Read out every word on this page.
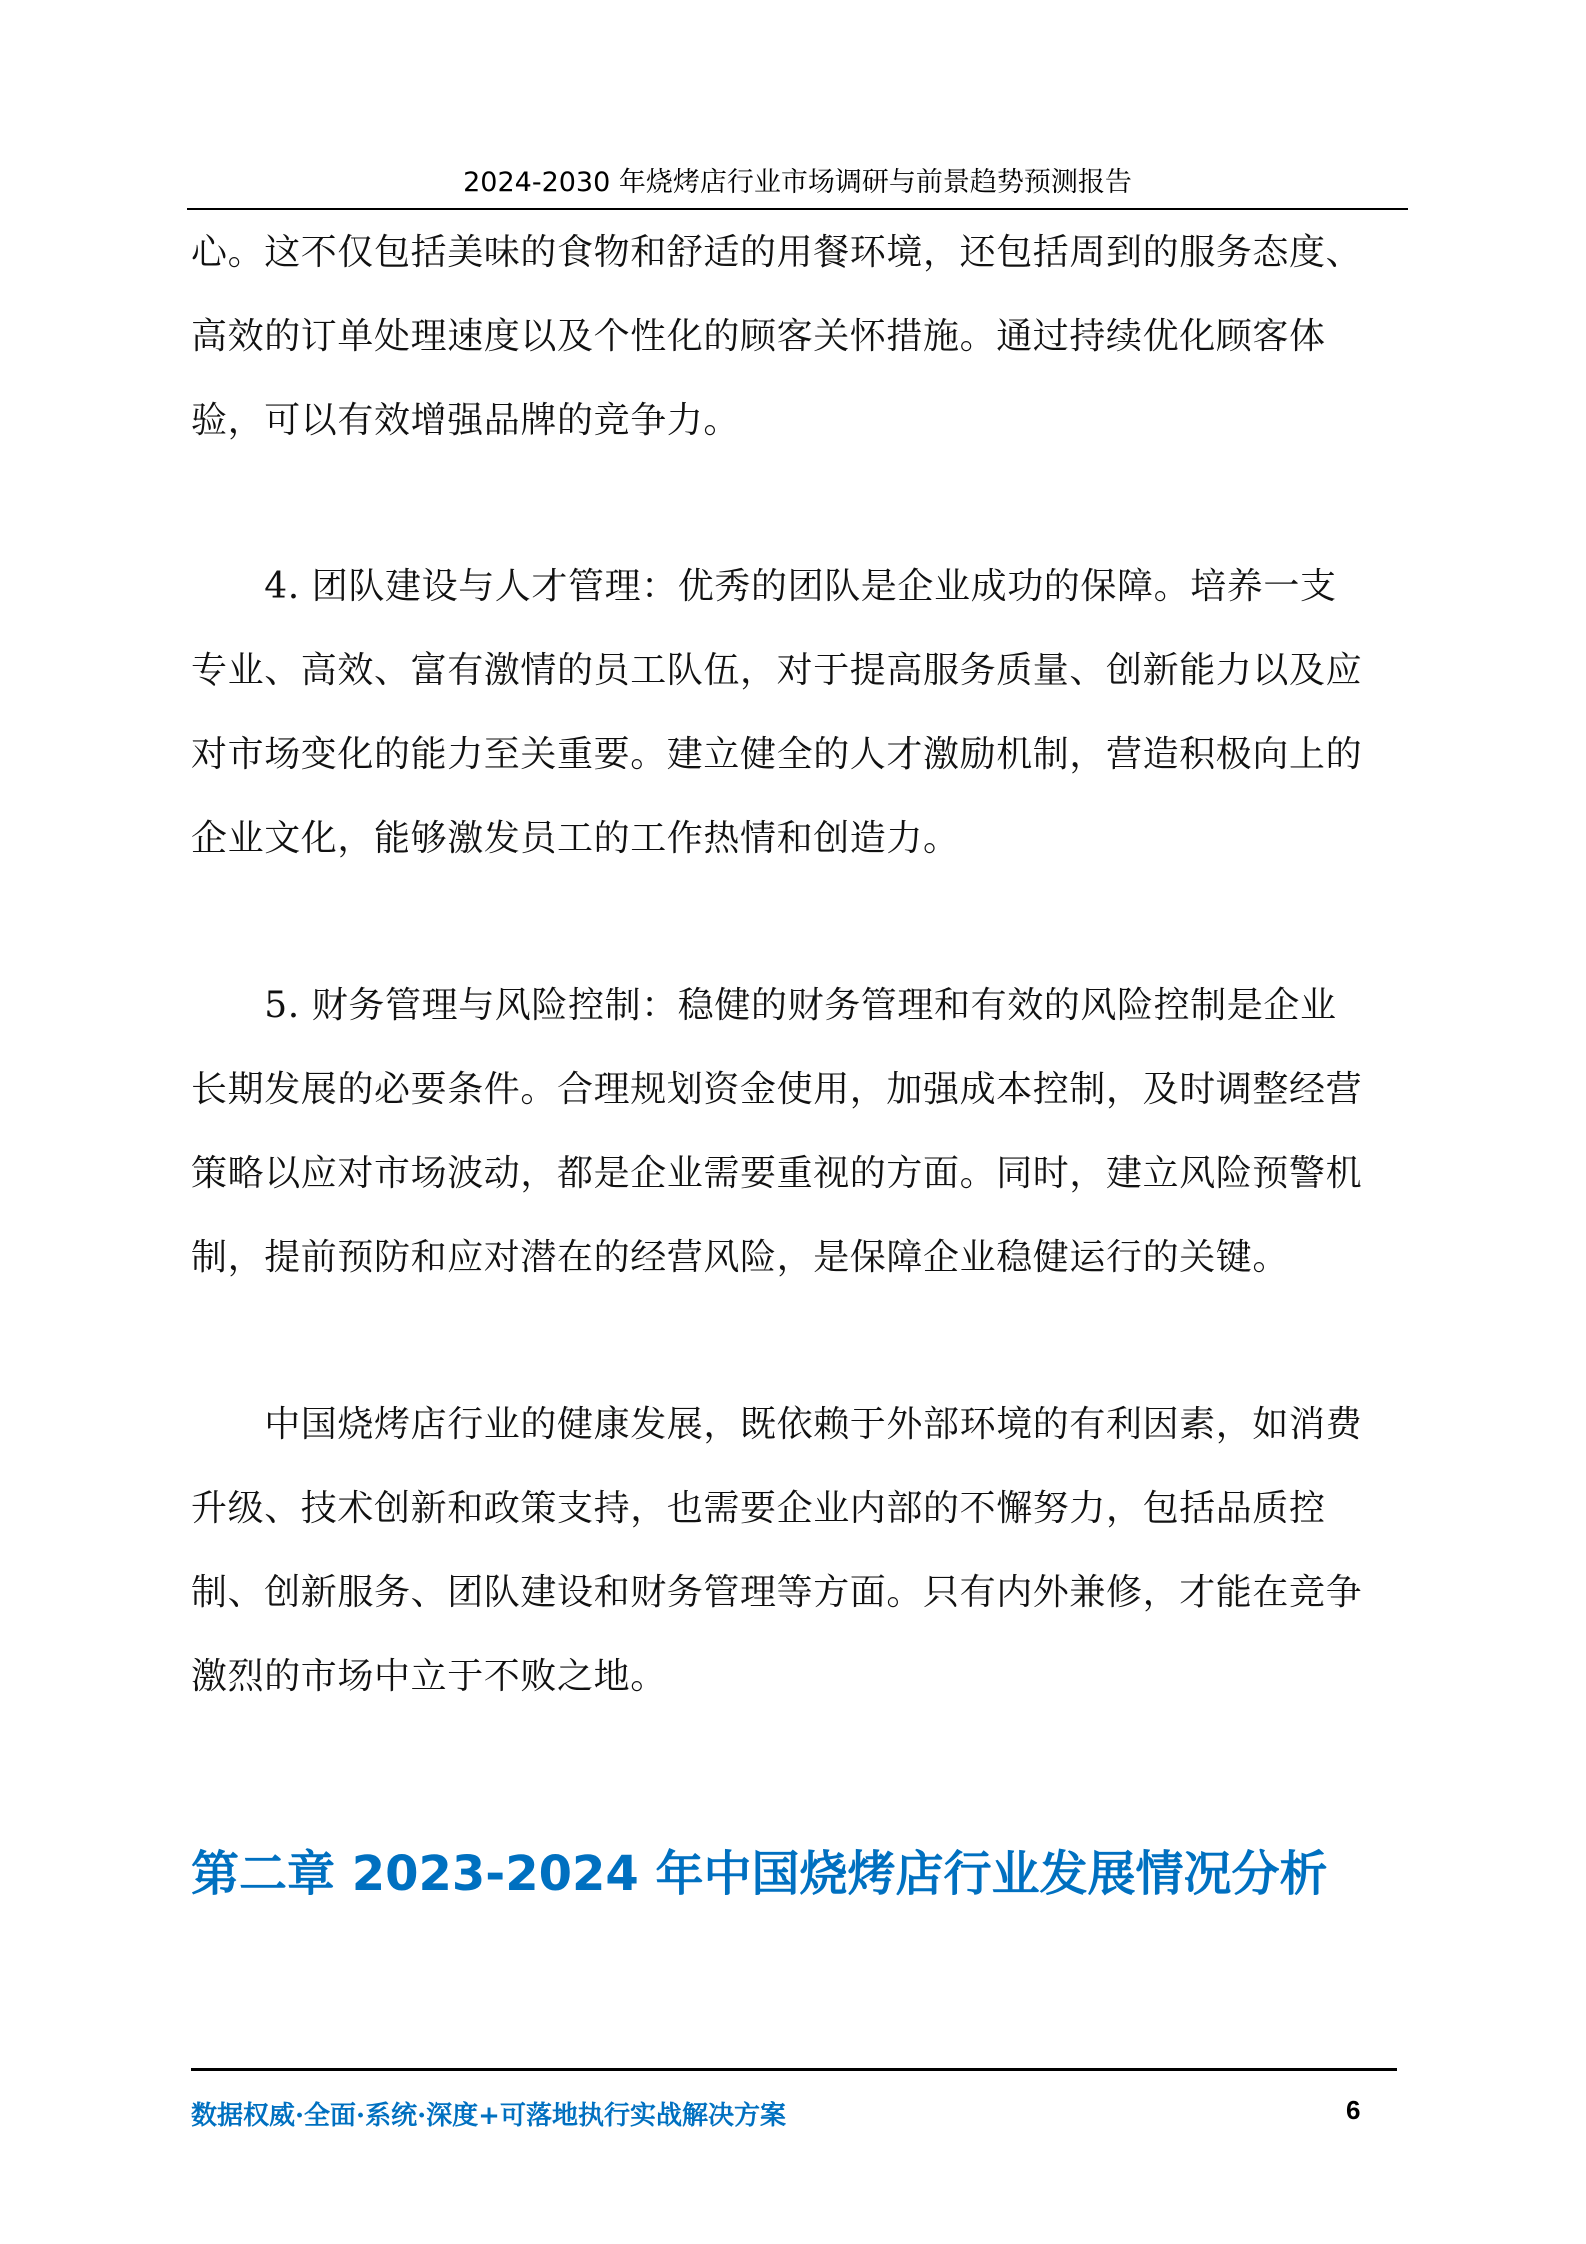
2024-2030 年烧烤店行业市场调研与前景趋势预测报告
心。这不仅包括美味的食物和舒适的用餐环境，还包括周到的服务态度、
高效的订单处理速度以及个性化的顾客关怀措施。通过持续优化顾客体
验，可以有效增强品牌的竞争力。
　　4. 团队建设与人才管理：优秀的团队是企业成功的保障。培养一支
专业、高效、富有激情的员工队伍，对于提高服务质量、创新能力以及应
对市场变化的能力至关重要。建立健全的人才激励机制，营造积极向上的
企业文化，能够激发员工的工作热情和创造力。
　　5. 财务管理与风险控制：稳健的财务管理和有效的风险控制是企业
长期发展的必要条件。合理规划资金使用，加强成本控制，及时调整经营
策略以应对市场波动，都是企业需要重视的方面。同时，建立风险预警机
制，提前预防和应对潜在的经营风险，是保障企业稳健运行的关键。
　　中国烧烤店行业的健康发展，既依赖于外部环境的有利因素，如消费
升级、技术创新和政策支持，也需要企业内部的不懈努力，包括品质控
制、创新服务、团队建设和财务管理等方面。只有内外兼修，才能在竞争
激烈的市场中立于不败之地。
第二章 2023-2024 年中国烧烤店行业发展情况分析
数据权威·全面·系统·深度+可落地执行实战解决方案	6
